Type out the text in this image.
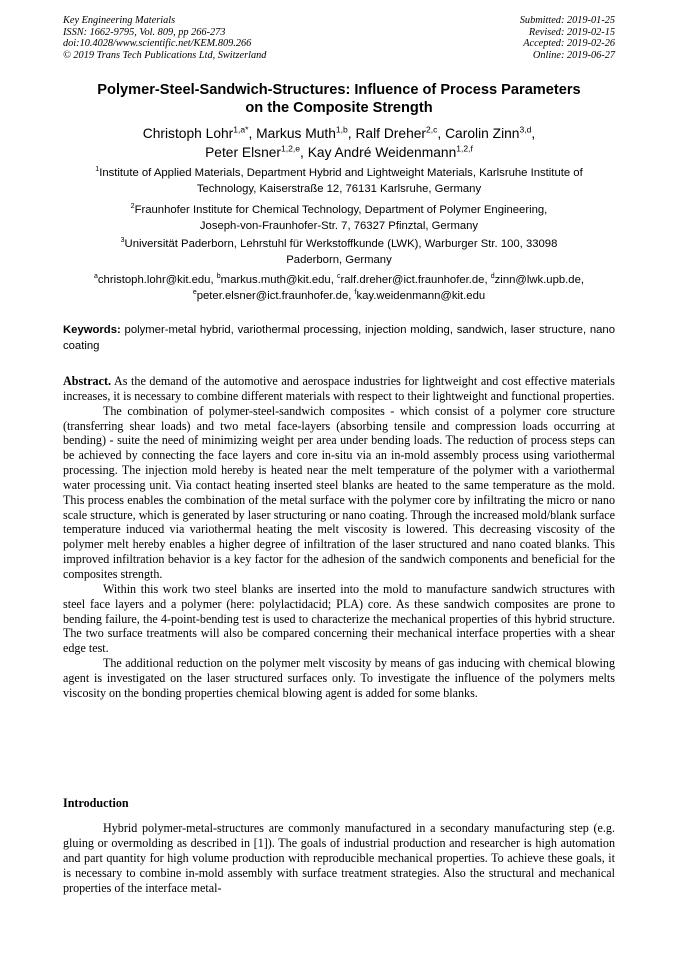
Key Engineering Materials
ISSN: 1662-9795, Vol. 809, pp 266-273
doi:10.4028/www.scientific.net/KEM.809.266
© 2019 Trans Tech Publications Ltd, Switzerland
Submitted: 2019-01-25
Revised: 2019-02-15
Accepted: 2019-02-26
Online: 2019-06-27
Polymer-Steel-Sandwich-Structures: Influence of Process Parameters
on the Composite Strength
Christoph Lohr$^{1,a*}$, Markus Muth$^{1,b}$, Ralf Dreher$^{2,c}$, Carolin Zinn$^{3,d}$,
Peter Elsner$^{1,2,e}$, Kay André Weidenmann$^{1,2,f}$
$^1$Institute of Applied Materials, Department Hybrid and Lightweight Materials, Karlsruhe Institute of
Technology, Kaiserstraße 12, 76131 Karlsruhe, Germany
$^2$Fraunhofer Institute for Chemical Technology, Department of Polymer Engineering,
Joseph-von-Fraunhofer-Str. 7, 76327 Pfinztal, Germany
$^3$Universität Paderborn, Lehrstuhl für Werkstoffkunde (LWK), Warburger Str. 100, 33098
Paderborn, Germany
$^a$christoph.lohr@kit.edu, $^b$markus.muth@kit.edu, $^c$ralf.dreher@ict.fraunhofer.de, $^d$zinn@lwk.upb.de,
$^e$peter.elsner@ict.fraunhofer.de, $^f$kay.weidenmann@kit.edu
Keywords: polymer-metal hybrid, variothermal processing, injection molding, sandwich, laser structure, nano coating

Abstract. As the demand of the automotive and aerospace industries for lightweight and cost effective materials increases, it is necessary to combine different materials with respect to their lightweight and functional properties.

The combination of polymer-steel-sandwich composites - which consist of a polymer core structure (transferring shear loads) and two metal face-layers (absorbing tensile and compression loads occurring at bending) - suite the need of minimizing weight per area under bending loads. The reduction of process steps can be achieved by connecting the face layers and core in-situ via an in-mold assembly process using variothermal processing. The injection mold hereby is heated near the melt temperature of the polymer with a variothermal water processing unit. Via contact heating inserted steel blanks are heated to the same temperature as the mold. This process enables the combination of the metal surface with the polymer core by infiltrating the micro or nano scale structure, which is generated by laser structuring or nano coating. Through the increased mold/blank surface temperature induced via variothermal heating the melt viscosity is lowered. This decreasing viscosity of the polymer melt hereby enables a higher degree of infiltration of the laser structured and nano coated blanks. This improved infiltration behavior is a key factor for the adhesion of the sandwich components and beneficial for the composites strength.

Within this work two steel blanks are inserted into the mold to manufacture sandwich structures with steel face layers and a polymer (here: polylactidacid; PLA) core. As these sandwich composites are prone to bending failure, the 4-point-bending test is used to characterize the mechanical properties of this hybrid structure. The two surface treatments will also be compared concerning their mechanical interface properties with a shear edge test.

The additional reduction on the polymer melt viscosity by means of gas inducing with chemical blowing agent is investigated on the laser structured surfaces only. To investigate the influence of the polymers melts viscosity on the bonding properties chemical blowing agent is added for some blanks.

Introduction

Hybrid polymer-metal-structures are commonly manufactured in a secondary manufacturing step (e.g. gluing or overmolding as described in [1]). The goals of industrial production and researcher is high automation and part quantity for high volume production with reproducible mechanical properties. To achieve these goals, it is necessary to combine in-mold assembly with surface treatment strategies. Also the structural and mechanical properties of the interface metal-
